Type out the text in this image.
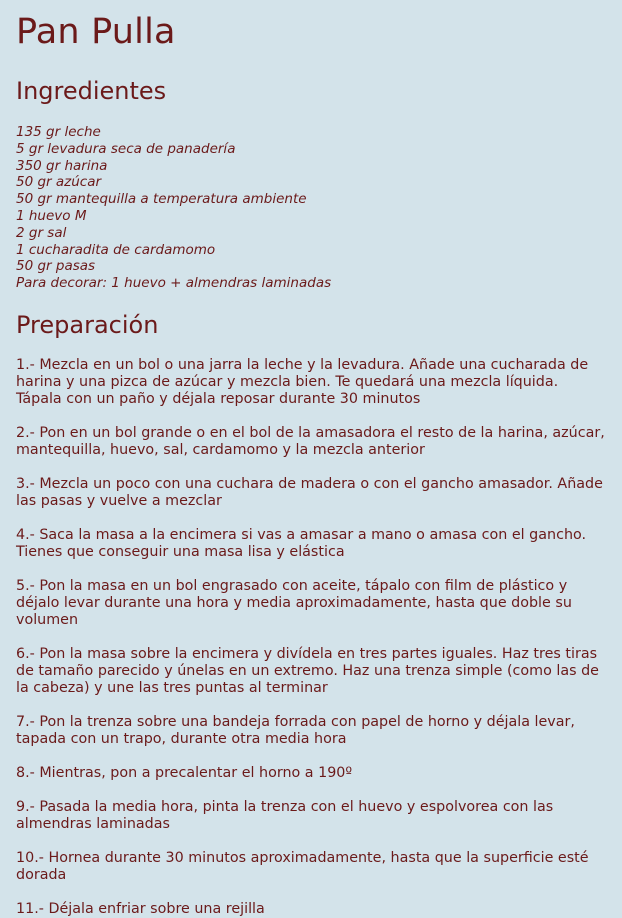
Pan Pulla
Ingredientes
135 gr leche
5 gr levadura seca de panadería
350 gr harina
50 gr azúcar
50 gr mantequilla a temperatura ambiente
1 huevo M
2 gr sal
1 cucharadita de cardamomo
50 gr pasas
Para decorar: 1 huevo + almendras laminadas
Preparación
1.- Mezcla en un bol o una jarra la leche y la levadura. Añade una cucharada de harina y una pizca de azúcar y mezcla bien. Te quedará una mezcla líquida. Tápala con un paño y déjala reposar durante 30 minutos
2.- Pon en un bol grande o en el bol de la amasadora el resto de la harina, azúcar, mantequilla, huevo, sal, cardamomo y la mezcla anterior
3.- Mezcla un poco con una cuchara de madera o con el gancho amasador. Añade las pasas y vuelve a mezclar
4.- Saca la masa a la encimera si vas a amasar a mano o amasa con el gancho. Tienes que conseguir una masa lisa y elástica
5.- Pon la masa en un bol engrasado con aceite, tápalo con film de plástico y déjalo levar durante una hora y media aproximadamente, hasta que doble su volumen
6.- Pon la masa sobre la encimera y divídela en tres partes iguales. Haz tres tiras de tamaño parecido y únelas en un extremo. Haz una trenza simple (como las de la cabeza) y une las tres puntas al terminar
7.- Pon la trenza sobre una bandeja forrada con papel de horno y déjala levar, tapada con un trapo, durante otra media hora
8.- Mientras, pon a precalentar el horno a 190º
9.- Pasada la media hora, pinta la trenza con el huevo y espolvorea con las almendras laminadas
10.- Hornea durante 30 minutos aproximadamente, hasta que la superficie esté dorada
11.- Déjala enfriar sobre una rejilla
